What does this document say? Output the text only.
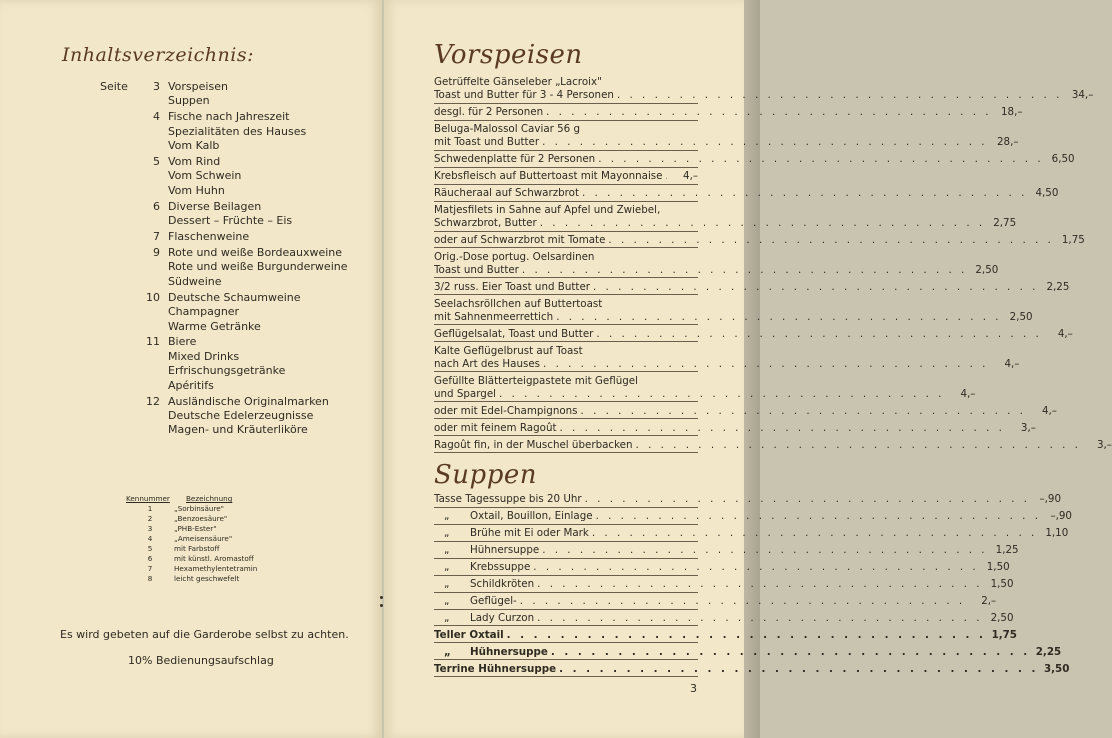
Inhaltsverzeichnis:
Seite	3 Vorspeisen
Suppen
4 Fische nach Jahreszeit
Spezialitäten des Hauses
Vom Kalb
5 Vom Rind
Vom Schwein
Vom Huhn
6 Diverse Beilagen
Dessert – Früchte – Eis
7 Flaschenweine
9 Rote und weiße Bordeauxweine
Rote und weiße Burgunderweine
Südweine
10 Deutsche Schaumweine
Champagner
Warme Getränke
11 Biere
Mixed Drinks
Erfrischungsgetränke
Apéritifs
12 Ausländische Originalmarken
Deutsche Edelerzeugnisse
Magen- und Kräuterliköre
Kennummer	Bezeichnung
1	„Sorbinsäure"
2	„Benzoesäure"
3	„PHB-Ester"
4	„Ameisensäure"
5	mit Farbstoff
6	mit künstl. Aromastoff
7	Hexamethylentetramin
8	leicht geschwefelt
Es wird gebeten auf die Garderobe selbst zu achten.
10% Bedienungsaufschlag
Vorspeisen
Getrüffelte Gänseleber „Lacroix"
Toast und Butter für 3 - 4 Personen . . . . . . . . . . . . . . . . . . . . . . . . . . . . . . . . . . . . 34,–
desgl. für 2 Personen . . . . . . . . . . . . . . . . . . . . . . . . . . . . . . . . . . . . 18,–
Beluga-Malossol Caviar 56 g
mit Toast und Butter . . . . . . . . . . . . . . . . . . . . . . . . . . . . . . . . . . . . 28,–
Schwedenplatte für 2 Personen . . . . . . . . . . . . . . . . . . . . . . . . . . . . . . . . . . . . 6,50
Krebsfleisch auf Buttertoast mit Mayonnaise	4,–
Räucheraal auf Schwarzbrot . . . . . . . . . . . . . . . . . . . . . . . . . . . . . . . . . . . . 4,50
Matjesfilets in Sahne auf Apfel und Zwiebel,
Schwarzbrot, Butter . . . . . . . . . . . . . . . . . . . . . . . . . . . . . . . . . . . . 2,75
oder auf Schwarzbrot mit Tomate . . . . . . . . . . . . . . . . . . . . . . . . . . . . . . . . . . . . 1,75
Orig.-Dose portug. Oelsardinen
Toast und Butter . . . . . . . . . . . . . . . . . . . . . . . . . . . . . . . . . . . . 2,50
3/2 russ. Eier Toast und Butter . . . . . . . . . . . . . . . . . . . . . . . . . . . . . . . . . . . . 2,25
Seelachsröllchen auf Buttertoast
mit Sahnenmeerrettich . . . . . . . . . . . . . . . . . . . . . . . . . . . . . . . . . . . . 2,50
Geflügelsalat, Toast und Butter . . . . . . . . . . . . . . . . . . . . . . . . . . . . . . . . . . . .	4,–
Kalte Geflügelbrust auf Toast
nach Art des Hauses . . . . . . . . . . . . . . . . . . . . . . . . . . . . . . . . . . . .	4,–
Gefüllte Blätterteigpastete mit Geflügel
und Spargel . . . . . . . . . . . . . . . . . . . . . . . . . . . . . . . . . . . .	4,–
oder mit Edel-Champignons . . . . . . . . . . . . . . . . . . . . . . . . . . . . . . . . . . . .	4,–
oder mit feinem Ragoût . . . . . . . . . . . . . . . . . . . . . . . . . . . . . . . . . . . .	3,–
Ragoût fin, in der Muschel überbacken . . . . . . . . . . . . . . . . . . . . . . . . . . . . . . . . . . . .	3,–
Suppen
Tasse Tagessuppe bis 20 Uhr . . . . . . . . . . . . . . . . . . . . . . . . . . . . . . . . . . . . –,90
„ Oxtail, Bouillon, Einlage . . . . . . . . . . . . . . . . . . . . . . . . . . . . . . . . . . . . –,90
„ Brühe mit Ei oder Mark . . . . . . . . . . . . . . . . . . . . . . . . . . . . . . . . . . . . 1,10
„ Hühnersuppe . . . . . . . . . . . . . . . . . . . . . . . . . . . . . . . . . . . . 1,25
„ Krebssuppe . . . . . . . . . . . . . . . . . . . . . . . . . . . . . . . . . . . . 1,50
„ Schildkröten . . . . . . . . . . . . . . . . . . . . . . . . . . . . . . . . . . . . 1,50
„ Geflügel- . . . . . . . . . . . . . . . . . . . . . . . . . . . . . . . . . . . .	2,–
„ Lady Curzon . . . . . . . . . . . . . . . . . . . . . . . . . . . . . . . . . . . . 2,50
Teller Oxtail . . . . . . . . . . . . . . . . . . . . . . . . . . . . . . . . . . . . 1,75
„ Hühnersuppe . . . . . . . . . . . . . . . . . . . . . . . . . . . . . . . . . . . . 2,25
Terrine Hühnersuppe . . . . . . . . . . . . . . . . . . . . . . . . . . . . . . . . . . . . 3,50
3
